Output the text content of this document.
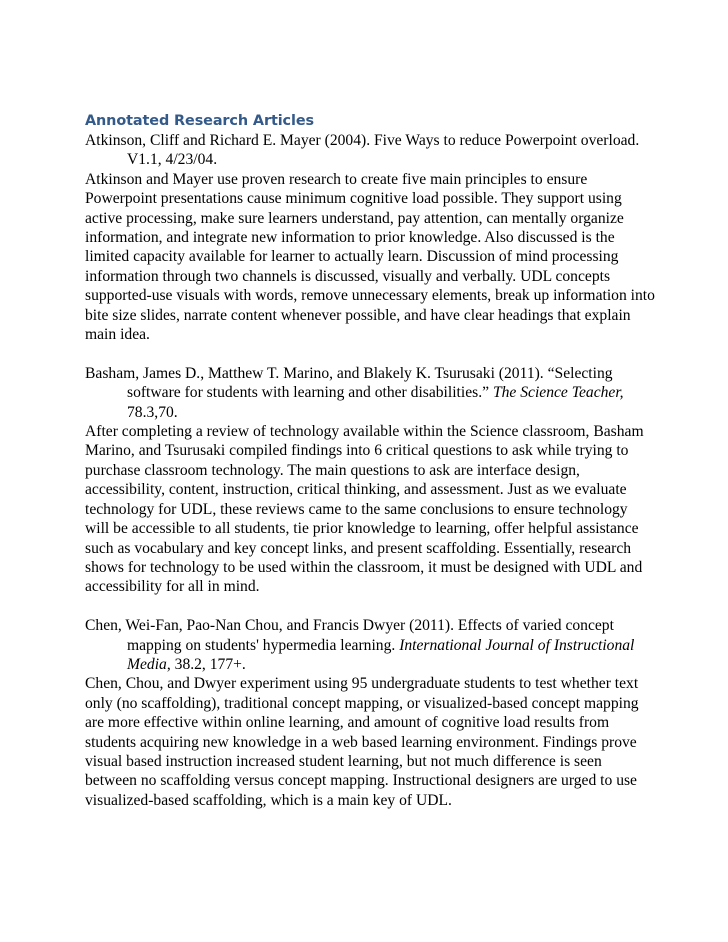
Annotated Research Articles

Atkinson, Cliff and Richard E. Mayer (2004). Five Ways to reduce Powerpoint overload. V1.1, 4/23/04.

Atkinson and Mayer use proven research to create five main principles to ensure Powerpoint presentations cause minimum cognitive load possible. They support using active processing, make sure learners understand, pay attention, can mentally organize information, and integrate new information to prior knowledge. Also discussed is the limited capacity available for learner to actually learn. Discussion of mind processing information through two channels is discussed, visually and verbally. UDL concepts supported-use visuals with words, remove unnecessary elements, break up information into bite size slides, narrate content whenever possible, and have clear headings that explain main idea.

Basham, James D., Matthew T. Marino, and Blakely K. Tsurusaki (2011). “Selecting software for students with learning and other disabilities.” The Science Teacher, 78.3,70.

After completing a review of technology available within the Science classroom, Basham Marino, and Tsurusaki compiled findings into 6 critical questions to ask while trying to purchase classroom technology. The main questions to ask are interface design, accessibility, content, instruction, critical thinking, and assessment. Just as we evaluate technology for UDL, these reviews came to the same conclusions to ensure technology will be accessible to all students, tie prior knowledge to learning, offer helpful assistance such as vocabulary and key concept links, and present scaffolding. Essentially, research shows for technology to be used within the classroom, it must be designed with UDL and accessibility for all in mind.

Chen, Wei-Fan, Pao-Nan Chou, and Francis Dwyer (2011). Effects of varied concept mapping on students' hypermedia learning. International Journal of Instructional Media, 38.2, 177+.

Chen, Chou, and Dwyer experiment using 95 undergraduate students to test whether text only (no scaffolding), traditional concept mapping, or visualized-based concept mapping are more effective within online learning, and amount of cognitive load results from students acquiring new knowledge in a web based learning environment. Findings prove visual based instruction increased student learning, but not much difference is seen between no scaffolding versus concept mapping. Instructional designers are urged to use visualized-based scaffolding, which is a main key of UDL.
